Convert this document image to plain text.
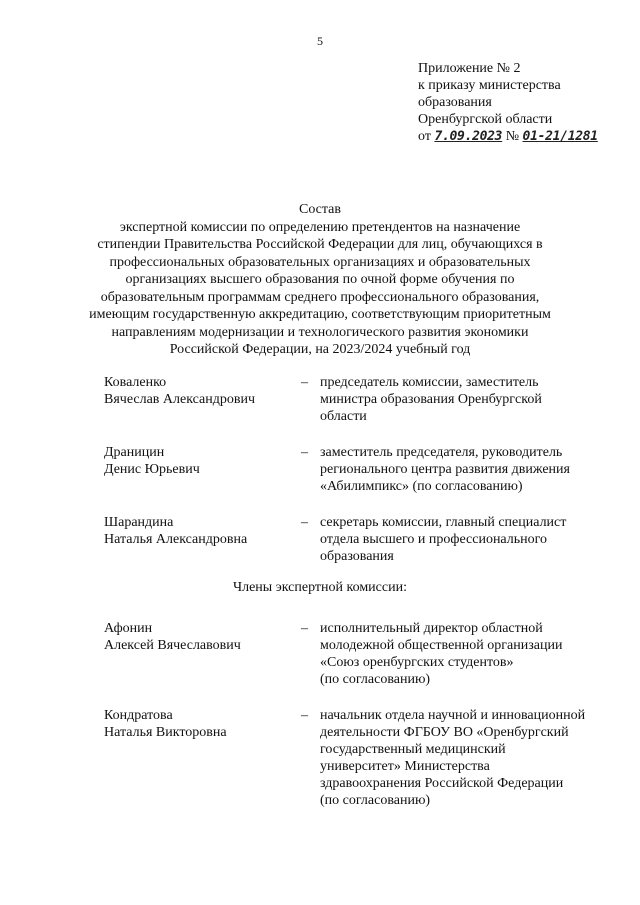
5
Приложение № 2
к приказу министерства
образования
Оренбургской области
от 7.09.2023 № 01-21/1281
Состав
экспертной комиссии по определению претендентов на назначение
стипендии Правительства Российской Федерации для лиц, обучающихся в
профессиональных образовательных организациях и образовательных
организациях высшего образования по очной форме обучения по
образовательным программам среднего профессионального образования,
имеющим государственную аккредитацию, соответствующим приоритетным
направлениям модернизации и технологического развития экономики
Российской Федерации, на 2023/2024 учебный год
Коваленко
Вячеслав Александрович
– председатель комиссии, заместитель
министра образования Оренбургской
области
Драницин
Денис Юрьевич
– заместитель председателя, руководитель
регионального центра развития движения
«Абилимпикс» (по согласованию)
Шарандина
Наталья Александровна
– секретарь комиссии, главный специалист
отдела высшего и профессионального
образования
Члены экспертной комиссии:
Афонин
Алексей Вячеславович
– исполнительный директор областной
молодежной общественной организации
«Союз оренбургских студентов»
(по согласованию)
Кондратова
Наталья Викторовна
– начальник отдела научной и инновационной
деятельности ФГБОУ ВО «Оренбургский
государственный медицинский
университет» Министерства
здравоохранения Российской Федерации
(по согласованию)
